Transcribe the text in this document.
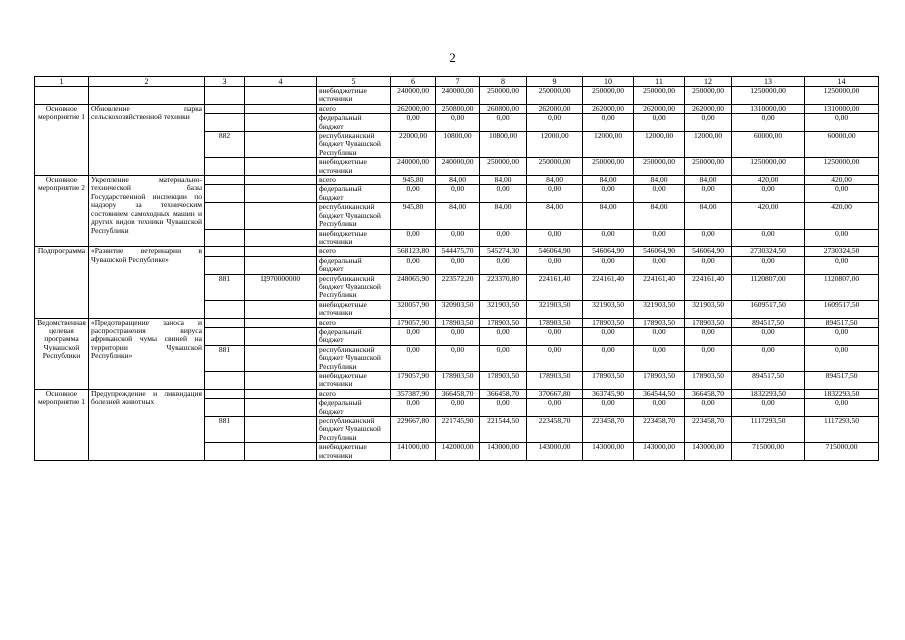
2
1	2	3	4	5	6	7	8	9	10	11	12	13	14
				внебюджетные источники	240000,00	240000,00	250000,00	250000,00	250000,00	250000,00	250000,00	1250000,00	1250000,00
Основное мероприятие 1	Обновление парка сельскохозяйственной техники			всего	262000,00	250800,00	260800,00	262000,00	262000,00	262000,00	262000,00	1310000,00	1310000,00
				федеральный бюджет	0,00	0,00	0,00	0,00	0,00	0,00	0,00	0,00	0,00
		882		республиканский бюджет Чувашской Республики	22000,00	10800,00	10800,00	12000,00	12000,00	12000,00	12000,00	60000,00	60000,00
				внебюджетные источники	240000,00	240000,00	250000,00	250000,00	250000,00	250000,00	250000,00	1250000,00	1250000,00
Основное мероприятие 2	Укрепление материально-технической базы Государственной инспекции по надзору за техническим состоянием самоходных машин и других видов техники Чувашской Республики			всего	945,80	84,00	84,00	84,00	84,00	84,00	84,00	420,00	420,00
				федеральный бюджет	0,00	0,00	0,00	0,00	0,00	0,00	0,00	0,00	0,00
				республиканский бюджет Чувашской Республики	945,80	84,00	84,00	84,00	84,00	84,00	84,00	420,00	420,00
				внебюджетные источники	0,00	0,00	0,00	0,00	0,00	0,00	0,00	0,00	0,00
Подпрограмма	«Развитие ветеринарии в Чувашской Республике»			всего	568123,80	544475,70	545274,30	546064,90	546064,90	546064,90	546064,90	2730324,50	2730324,50
				федеральный бюджет	0,00	0,00	0,00	0,00	0,00	0,00	0,00	0,00	0,00
		881	Ц970000000	республиканский бюджет Чувашской Республики	248065,90	223572,20	223370,80	224161,40	224161,40	224161,40	224161,40	1120807,00	1120807,00
				внебюджетные источники	320057,90	320903,50	321903,50	321903,50	321903,50	321903,50	321903,50	1609517,50	1609517,50
Ведомственная целевая программа Чувашской Республики	«Предотвращение заноса и распространения вируса африканской чумы свиней на территории Чувашской Республики»			всего	179057,90	178903,50	178903,50	178903,50	178903,50	178903,50	178903,50	894517,50	894517,50
				федеральный бюджет	0,00	0,00	0,00	0,00	0,00	0,00	0,00	0,00	0,00
		881		республиканский бюджет Чувашской Республики	0,00	0,00	0,00	0,00	0,00	0,00	0,00	0,00	0,00
				внебюджетные источники	179057,90	178903,50	178903,50	178903,50	178903,50	178903,50	178903,50	894517,50	894517,50
Основное мероприятие 1	Предупреждение и ликвидация болезней животных			всего	357387,90	366458,70	366458,70	370667,80	363745,90	364544,50	366458,70	1832293,50	1832293,50
				федеральный бюджет	0,00	0,00	0,00	0,00	0,00	0,00	0,00	0,00	0,00
		881		республиканский бюджет Чувашской Республики	229667,80	221745,90	221544,50	223458,70	223458,70	223458,70	223458,70	1117293,50	1117293,50
				внебюджетные источники	141000,00	142000,00	143000,00	143000,00	143000,00	143000,00	143000,00	715000,00	715000,00
